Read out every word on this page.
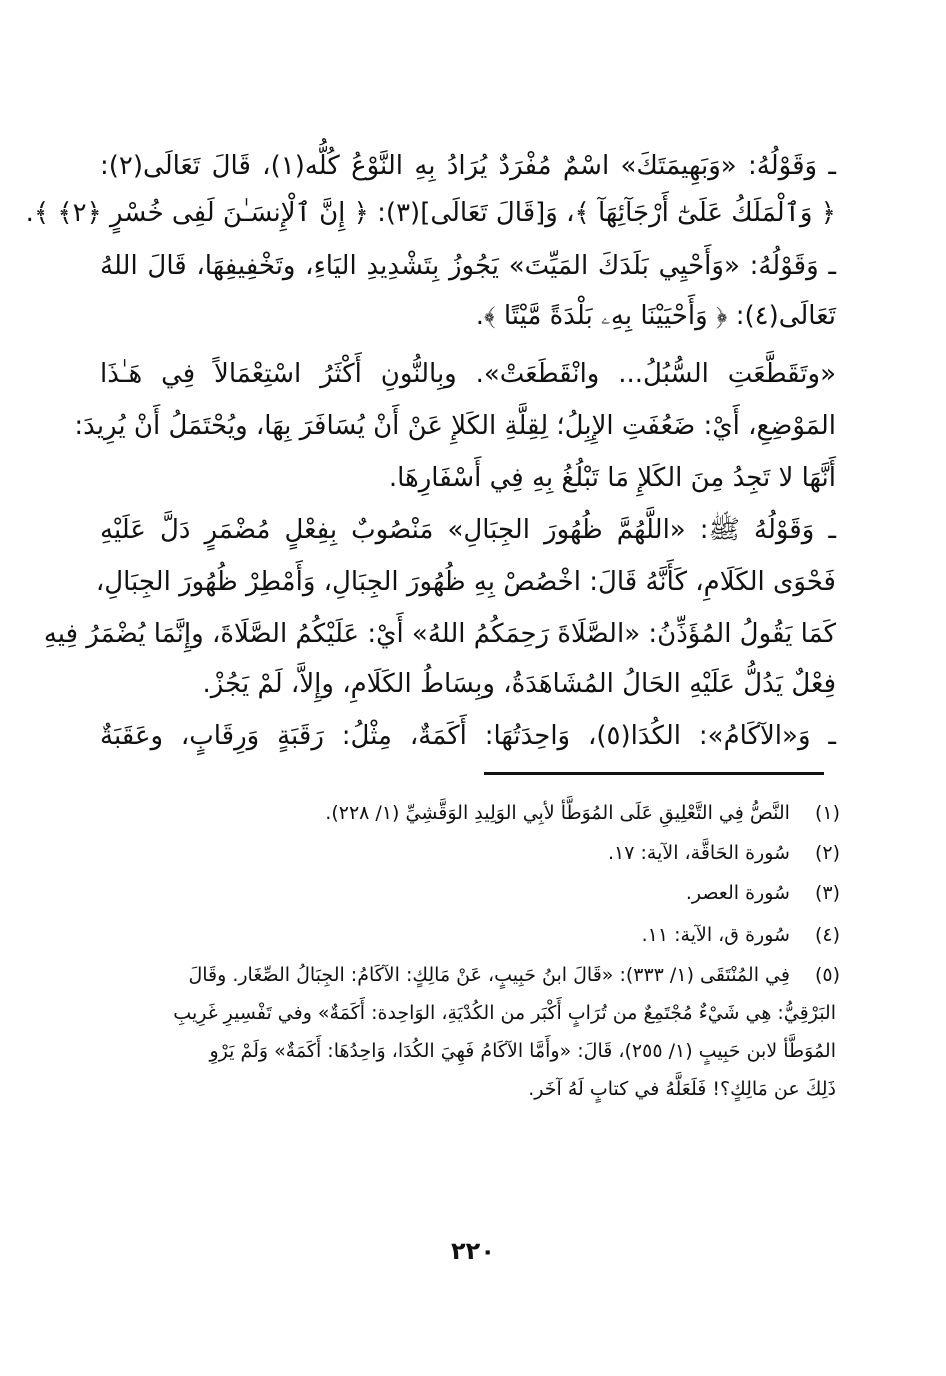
ـ وَقَوْلُهُ: «وَبَهِيمَتَكَ» اسْمٌ مُفْرَدٌ يُرَادُ بِهِ النَّوْعُ كُلُّه(١)، قَالَ تَعَالَى(٢):
﴿ وَٱلْمَلَكُ عَلَىٰٓ أَرْجَآئِهَآ ﴾، وَ[قَالَ تَعَالَى](٣): ﴿ إِنَّ ٱلْإِنسَـٰنَ لَفِى خُسْرٍ ﴿٢﴾ ﴾.
ـ وَقَوْلُهُ: «وَأَحْيِي بَلَدَكَ المَيِّتَ» يَجُوزُ بِتَشْدِيدِ اليَاءِ، وتَخْفِيفِهَا، قَالَ اللهُ
تَعَالَى(٤): ﴿ وَأَحْيَيْنَا بِهِۦ بَلْدَةً مَّيْتًا ﴾.
«وتَقَطَّعَتِ السُّبُلُ... وانْقَطَعَتْ». وبِالنُّونِ أَكْثَرُ اسْتِعْمَالاً فِي هَـٰذَا
المَوْضِعِ، أَيْ: ضَعُفَتِ الإِبِلُ؛ لِقِلَّةِ الكَلإِ عَنْ أَنْ يُسَافَرَ بِهَا، ويُحْتَمَلُ أَنْ يُرِيدَ:
أَنَّهَا لا تَجِدُ مِنَ الكَلإِ مَا تَبْلُغُ بِهِ فِي أَسْفَارِهَا.
ـ وَقَوْلُهُ ﷺ: «اللَّهُمَّ ظُهُورَ الجِبَالِ» مَنْصُوبٌ بِفِعْلٍ مُضْمَرٍ دَلَّ عَلَيْهِ
فَحْوَى الكَلَامِ، كَأَنَّهُ قَالَ: اخْصُصْ بِهِ ظُهُورَ الجِبَالِ، وَأَمْطِرْ ظُهُورَ الجِبَالِ،
كَمَا يَقُولُ المُؤَذِّنُ: «الصَّلَاةَ رَحِمَكُمُ اللهُ» أَيْ: عَلَيْكُمُ الصَّلَاةَ، وإِنَّمَا يُضْمَرُ فِيهِ
فِعْلٌ يَدُلُّ عَلَيْهِ الحَالُ المُشَاهَدَةُ، وبِسَاطُ الكَلَامِ، وإِلاَّ، لَمْ يَجُزْ.
ـ وَ«الآكَامُ»: الكُدَا(٥)، وَاحِدَتُهَا: أَكَمَةٌ، مِثْلُ: رَقَبَةٍ وَرِقَابٍ، وعَقَبَةٌ
(١) النَّصُّ فِي التَّعْلِيقِ عَلَى المُوَطَّأ لأبِي الوَلِيدِ الوَقَّشِيِّ (١/ ٢٢٨).
(٢) سُورة الحَاقَّة، الآية: ١٧.
(٣) سُورة العصر.
(٤) سُورة ق، الآية: ١١.
(٥) فِي المُنْتَقَى (١/ ٣٣٣): «قَالَ ابنُ حَبِيبٍ، عَنْ مَالِكٍ: الآكَامُ: الجِبَالُ الصِّغَار. وقَالَ
البَرْقِيُّ: هِي شَيْءٌ مُجْتَمِعٌ من تُرَابٍ أَكْبَر من الكُدْيَةِ، الوَاحِدة: أَكَمَةٌ» وفي تَفْسِيرِ غَرِيبِ
المُوَطَّأ لابن حَبِيبٍ (١/ ٢٥٥)، قَالَ: «وأَمَّا الآكَامُ فَهِيَ الكُدَا، وَاحِدُهَا: أَكَمَةٌ» وَلَمْ يَرْوِ
ذَلِكَ عن مَالِكٍ؟! فَلَعَلَّهُ في كتابٍ لَهُ آخَر.
٢٢٠
